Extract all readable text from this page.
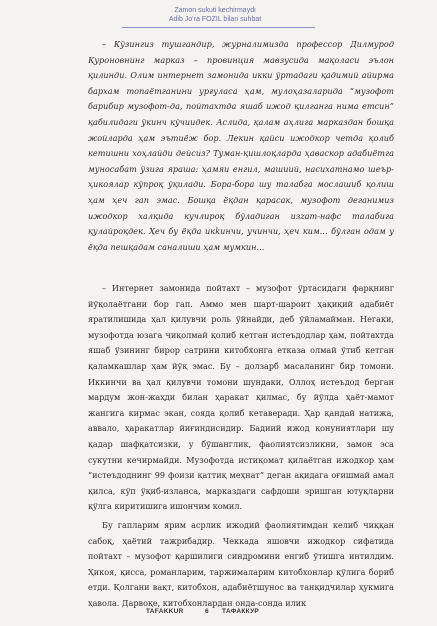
Zamon sukuti kechirmaydi
Adib Jo‘ra FOZIL bilan suhbat

– Кўзингиз тушгандир, журналимизда профессор Дилмурод Қуроновнинг марказ – провинция мавзусида мақоласи эълон қилинди. Олим интернет замонида икки ўртадаги қадимий айирма бархам топаётганини урғуласа ҳам, мулоҳазаларида “музофот барибир музофот-да, пойтахтда яшаб ижод қилганга нима етсин” қабилидаги ўкинч кўчиидек. Аслида, қалам аҳлига марказдан бошқа жойларда ҳам эътиёж бор. Лекин қайси ижодкор четда қолиб кетишни хоҳлайди дейсиз? Туман-қишлоқларда ҳаваскор адабиётга муносабат ўзига яраша: ҳамяи енгил, машиий, насихатнамо шеър-ҳикоялар кўпроқ ўқилади. Бора-бора шу талабга мослашиб қолиш ҳам ҳеч гап эмас. Бошқа ёқдан қарасак, музофот деганимиз ижодкор халқида кучлироқ бўладиган изzат-нафс талабига қулайроқдек. Ҳеч бу ёқда икkинчи, учинчи, ҳеч ким... бўлган одам у ёқда пешқадам саналиши ҳам мумкин...

– Интернет замонида пойтахт – музофот ўртасидаги фарқнинг йўқолаётгани бор гап. Аммо мен шарт-шароит ҳақиқий адабиёт яратилишида ҳал қилувчи роль ўйнайди, деб ўйламайман. Негаки, музофотда юзага чиқолмай қолиб кетган истеъдодлар ҳам, пойтахтда яшаб ўзининг бирор сатрини китобхонга етказа олмай ўтиб кетган қаламкашлар ҳам йўқ эмас. Бу – долзарб масаланинг бир томони. Иккинчи ва ҳал қилувчи томони шундаки, Оллоҳ истеъдод берган мардум жон-жаҳди билан ҳаракат қилмас, бу йўлда ҳаёт-мамот жангига кирмас экан, соядa қолиб кетаверади. Ҳар қандай натижа, аввало, ҳаракатлар йиғиндисидир. Бадиий ижод қонуниятлари шу қадар шафқатсизки, у бўшанглик, фаолиятсизликни, замон эса сукутни кечирмайди. Музофотда истиқомат қилаётган ижодкор ҳам “истеъдоднинг 99 фоизи қаттиқ меҳнат” деган ақидага оғишмай амал қилса, кўп ўқиб-изланса, марказдаги сафдоши эришган ютуқларни қўлга киритишига ишончим комил.

Бу гапларим ярим асрлик ижодий фаолиятимдан келиб чиққан сабоқ, ҳаётий тажрибадир. Чеккада яшовчи ижодкор сифатида пойтахт – музофот қаршилиги синдромини енгиб ўтишга интилдим. Ҳикоя, қисса, романларим, таржималарим китобхонлар қўлига бориб етди. Қолгани вақт, китобхон, адабиётшунос ва танқидчилар ҳукмига ҳавола. Дарвоқе, китобхонлардан онда-сонда илик

TAFAKKUR	6 ТАФАККУР
